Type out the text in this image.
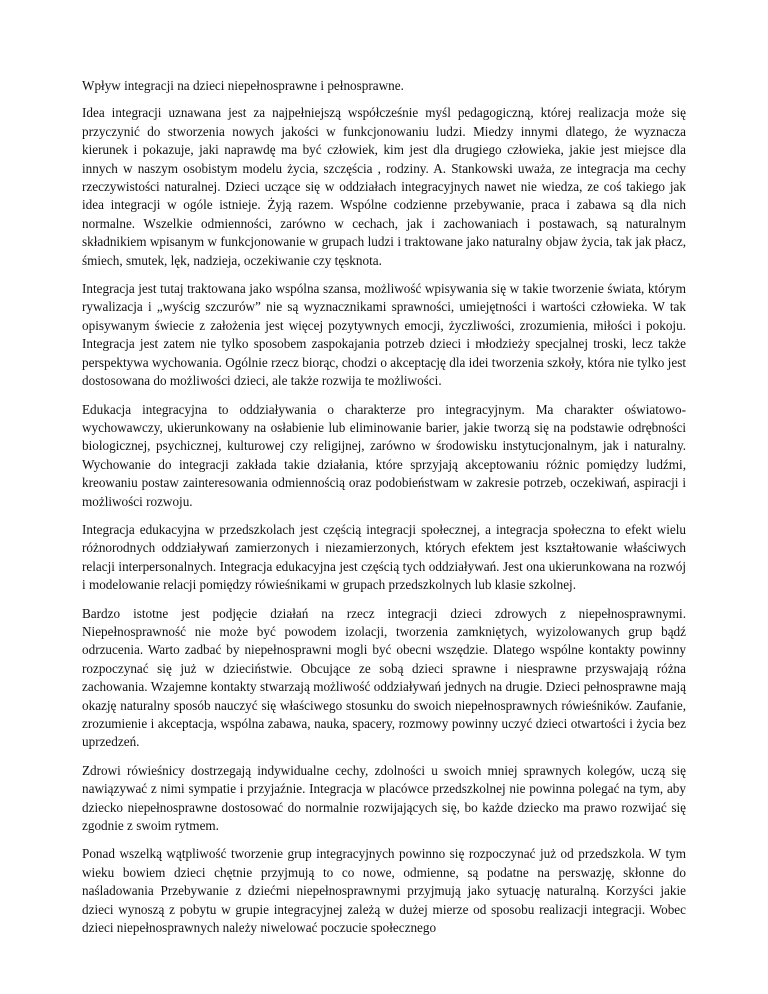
Wpływ integracji na dzieci niepełnosprawne i pełnosprawne.

Idea integracji uznawana jest za najpełniejszą współcześnie myśl pedagogiczną, której realizacja może się przyczynić do stworzenia nowych jakości w funkcjonowaniu ludzi. Miedzy innymi dlatego, że wyznacza kierunek i pokazuje, jaki naprawdę ma być człowiek, kim jest dla drugiego człowieka, jakie jest miejsce dla innych w naszym osobistym modelu życia, szczęścia , rodziny. A. Stankowski uważa, ze integracja ma cechy rzeczywistości naturalnej. Dzieci uczące się w oddziałach integracyjnych nawet nie wiedza, ze coś takiego jak idea integracji w ogóle istnieje. Żyją razem. Wspólne codzienne przebywanie, praca i zabawa są dla nich normalne. Wszelkie odmienności, zarówno w cechach, jak i zachowaniach i postawach, są naturalnym składnikiem wpisanym w funkcjonowanie w grupach ludzi i traktowane jako naturalny objaw życia, tak jak płacz, śmiech, smutek, lęk, nadzieja, oczekiwanie czy tęsknota.

Integracja jest tutaj traktowana jako wspólna szansa, możliwość wpisywania się w takie tworzenie świata, którym rywalizacja i „wyścig szczurów” nie są wyznacznikami sprawności, umiejętności i wartości człowieka. W tak opisywanym świecie z założenia jest więcej pozytywnych emocji, życzliwości, zrozumienia, miłości i pokoju. Integracja jest zatem nie tylko sposobem zaspokajania potrzeb dzieci i młodzieży specjalnej troski, lecz także perspektywa wychowania. Ogólnie rzecz biorąc, chodzi o akceptację dla idei tworzenia szkoły, która nie tylko jest dostosowana do możliwości dzieci, ale także rozwija te możliwości.

Edukacja integracyjna to oddziaływania o charakterze pro integracyjnym. Ma charakter oświatowo-wychowawczy, ukierunkowany na osłabienie lub eliminowanie barier, jakie tworzą się na podstawie odrębności biologicznej, psychicznej, kulturowej czy religijnej, zarówno w środowisku instytucjonalnym, jak i naturalny. Wychowanie do integracji zakłada takie działania, które sprzyjają akceptowaniu różnic pomiędzy ludźmi, kreowaniu postaw zainteresowania odmiennością oraz podobieństwam w zakresie potrzeb, oczekiwań, aspiracji i możliwości rozwoju.

Integracja edukacyjna w przedszkolach jest częścią integracji społecznej, a integracja społeczna to efekt wielu różnorodnych oddziaływań zamierzonych i niezamierzonych, których efektem jest kształtowanie właściwych relacji interpersonalnych. Integracja edukacyjna jest częścią tych oddziaływań. Jest ona ukierunkowana na rozwój i modelowanie relacji pomiędzy rówieśnikami w grupach przedszkolnych lub klasie szkolnej.

Bardzo istotne jest podjęcie działań na rzecz integracji dzieci zdrowych z niepełnosprawnymi. Niepełnosprawność nie może być powodem izolacji, tworzenia zamkniętych, wyizolowanych grup bądź odrzucenia. Warto zadbać by niepełnosprawni mogli być obecni wszędzie. Dlatego wspólne kontakty powinny rozpoczynać się już w dzieciństwie. Obcujące ze sobą dzieci sprawne i niesprawne przyswajają różna zachowania. Wzajemne kontakty stwarzają możliwość oddziaływań jednych na drugie. Dzieci pełnosprawne mają okazję naturalny sposób nauczyć się właściwego stosunku do swoich niepełnosprawnych rówieśników. Zaufanie, zrozumienie i akceptacja, wspólna zabawa, nauka, spacery, rozmowy powinny uczyć dzieci otwartości i życia bez uprzedzeń.

Zdrowi rówieśnicy dostrzegają indywidualne cechy, zdolności u swoich mniej sprawnych kolegów, uczą się nawiązywać z nimi sympatie i przyjaźnie. Integracja w placówce przedszkolnej nie powinna polegać na tym, aby dziecko niepełnosprawne dostosować do normalnie rozwijających się, bo każde dziecko ma prawo rozwijać się zgodnie z swoim rytmem.

Ponad wszelką wątpliwość tworzenie grup integracyjnych powinno się rozpoczynać już od przedszkola. W tym wieku bowiem dzieci chętnie przyjmują to co nowe, odmienne, są podatne na perswazję, skłonne do naśladowania Przebywanie z dziećmi niepełnosprawnymi przyjmują jako sytuację naturalną. Korzyści jakie dzieci wynoszą z pobytu w grupie integracyjnej zależą w dużej mierze od sposobu realizacji integracji. Wobec dzieci niepełnosprawnych należy niwelować poczucie społecznego
